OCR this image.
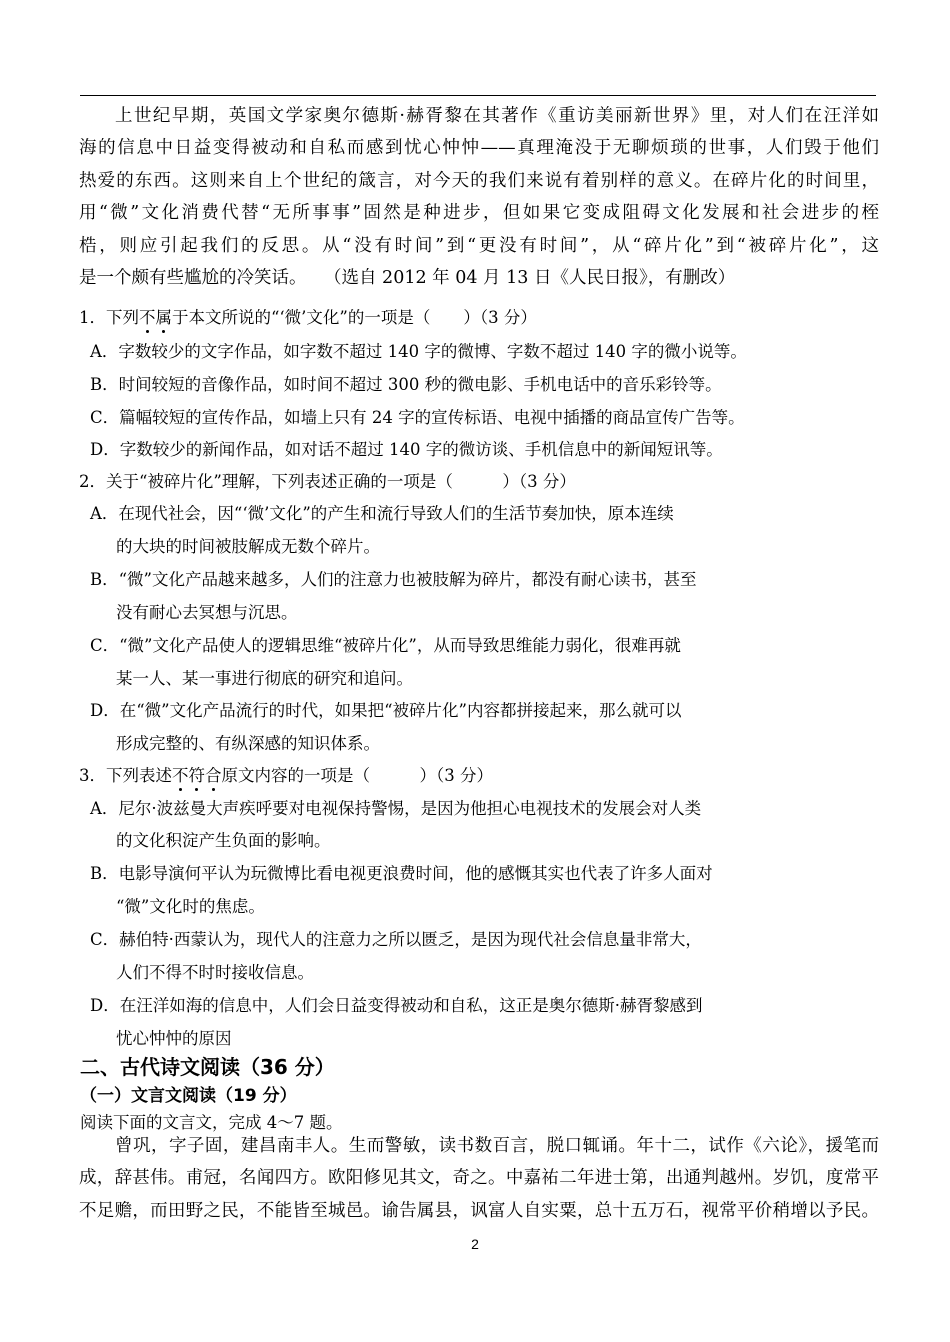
上世纪早期，英国文学家奥尔德斯·赫胥黎在其著作《重访美丽新世界》里，对人们在汪洋如
海的信息中日益变得被动和自私而感到忧心忡忡——真理淹没于无聊烦琐的世事，人们毁于他们
热爱的东西。这则来自上个世纪的箴言，对今天的我们来说有着别样的意义。在碎片化的时间里，
用“微”文化消费代替“无所事事”固然是种进步，但如果它变成阻碍文化发展和社会进步的桎
梏，则应引起我们的反思。从“没有时间”到“更没有时间”，从“碎片化”到“被碎片化”，这
是一个颇有些尴尬的冷笑话。　　（选自 2012 年 04 月 13 日《人民日报》，有删改）
1．下列不属于本文所说的“‘微’文化”的一项是（　　）（3 分）
A．字数较少的文字作品，如字数不超过 140 字的微博、字数不超过 140 字的微小说等。
B．时间较短的音像作品，如时间不超过 300 秒的微电影、手机电话中的音乐彩铃等。
C．篇幅较短的宣传作品，如墙上只有 24 字的宣传标语、电视中插播的商品宣传广告等。
D．字数较少的新闻作品，如对话不超过 140 字的微访谈、手机信息中的新闻短讯等。
2．关于“被碎片化”理解，下列表述正确的一项是（　　　）（3 分）
A．在现代社会，因“‘微’文化”的产生和流行导致人们的生活节奏加快，原本连续
的大块的时间被肢解成无数个碎片。
B．“微”文化产品越来越多，人们的注意力也被肢解为碎片，都没有耐心读书，甚至
没有耐心去冥想与沉思。
C．“微”文化产品使人的逻辑思维“被碎片化”，从而导致思维能力弱化，很难再就
某一人、某一事进行彻底的研究和追问。
D．在“微”文化产品流行的时代，如果把“被碎片化”内容都拼接起来，那么就可以
形成完整的、有纵深感的知识体系。
3．下列表述不符合原文内容的一项是（　　　）（3 分）
A．尼尔·波兹曼大声疾呼要对电视保持警惕，是因为他担心电视技术的发展会对人类
的文化积淀产生负面的影响。
B．电影导演何平认为玩微博比看电视更浪费时间，他的感慨其实也代表了许多人面对
“微”文化时的焦虑。
C．赫伯特·西蒙认为，现代人的注意力之所以匮乏，是因为现代社会信息量非常大，
人们不得不时时接收信息。
D．在汪洋如海的信息中，人们会日益变得被动和自私，这正是奥尔德斯·赫胥黎感到
忧心忡忡的原因
二、古代诗文阅读（36 分）
（一）文言文阅读（19 分）
阅读下面的文言文，完成 4～7 题。
曾巩，字子固，建昌南丰人。生而警敏，读书数百言，脱口辄诵。年十二，试作《六论》，援笔而
成，辞甚伟。甫冠，名闻四方。欧阳修见其文，奇之。中嘉祐二年进士第，出通判越州。岁饥，度常平
不足赡，而田野之民，不能皆至城邑。谕告属县，讽富人自实粟，总十五万石，视常平价稍增以予民。
2
